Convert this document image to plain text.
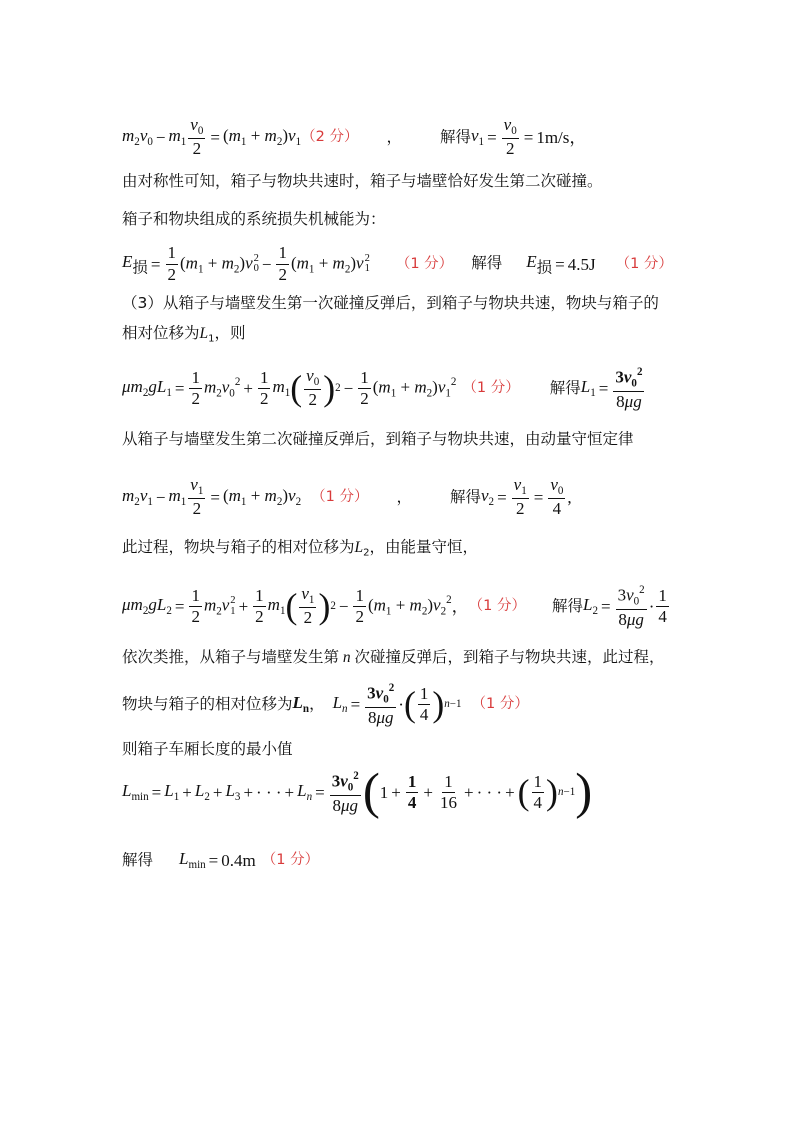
$m_2v_0 - m_1 \frac{v_0}{2} = (m_1 + m_2)v_1$ （2 分） ， 解得 $v_1 = \frac{v_0}{2} = 1m/s$，
由对称性可知，箱子与物块共速时，箱子与墙壁恰好发生第二次碰撞。
箱子和物块组成的系统损失机械能为：
$E_损 = \frac{1}{2} (m_1 + m_2)v$ 2
$0 - \frac{1}{2} (m_1 + m_2)v$ 2
1 （1 分） 解得 $E_损 = 4.5J$ （1 分）
（3）从箱子与墙壁发生第一次碰撞反弹后，到箱子与物块共速，物块与箱子的
相对位移为$L_1$，则
$\mu m_2gL_1 = \frac{1}{2} m_2v_0^2 + \frac{1}{2} m_1$ ( $\frac{v_0}{2}$ ) $2 - \frac{1}{2} (m_1 + m_2)v_1^2$ （1 分） 解得 $L_1 = \frac{3v_0^2}{8\mu g}$
从箱子与墙壁发生第二次碰撞反弹后，到箱子与物块共速，由动量守恒定律
$m_2v_1 - m_1 \frac{v_1}{2} = (m_1 + m_2)v_2$ （1 分） ， 解得 $v_2 = \frac{v_1}{2} = \frac{v_0}{4}$ ,
此过程，物块与箱子的相对位移为$L_2$，由能量守恒，
$\mu m_2gL_2 = \frac{1}{2} m_2v$ 2
$1 + \frac{1}{2} m_1$ ( $\frac{v_1}{2}$ ) $2 - \frac{1}{2} (m_1 + m_2)v_2^2$ ， （1 分） 解得 $L_2 = \frac{3v_0^2}{8\mu g} \cdot \frac{1}{4}$
依次类推，从箱子与墙壁发生第 n 次碰撞反弹后，到箱子与物块共速，此过程，
物块与箱子的相对位移为 $L_n$ ， $L_n = \frac{3v_0^2}{8\mu g}$ · ( $\frac{1}{4}$ ) n−1 （1 分）
则箱子车厢长度的最小值
$L_{min} = L_1 + L_2 + L_3$ + · · · + $L_n = \frac{3v_0^2}{8\mu g}$ ( $1 + \frac{1}{4} + \frac{1}{16}$ + · · · + ( $\frac{1}{4}$ ) n−1 )
解得 $L_{min} = 0.4m$ （1 分）
